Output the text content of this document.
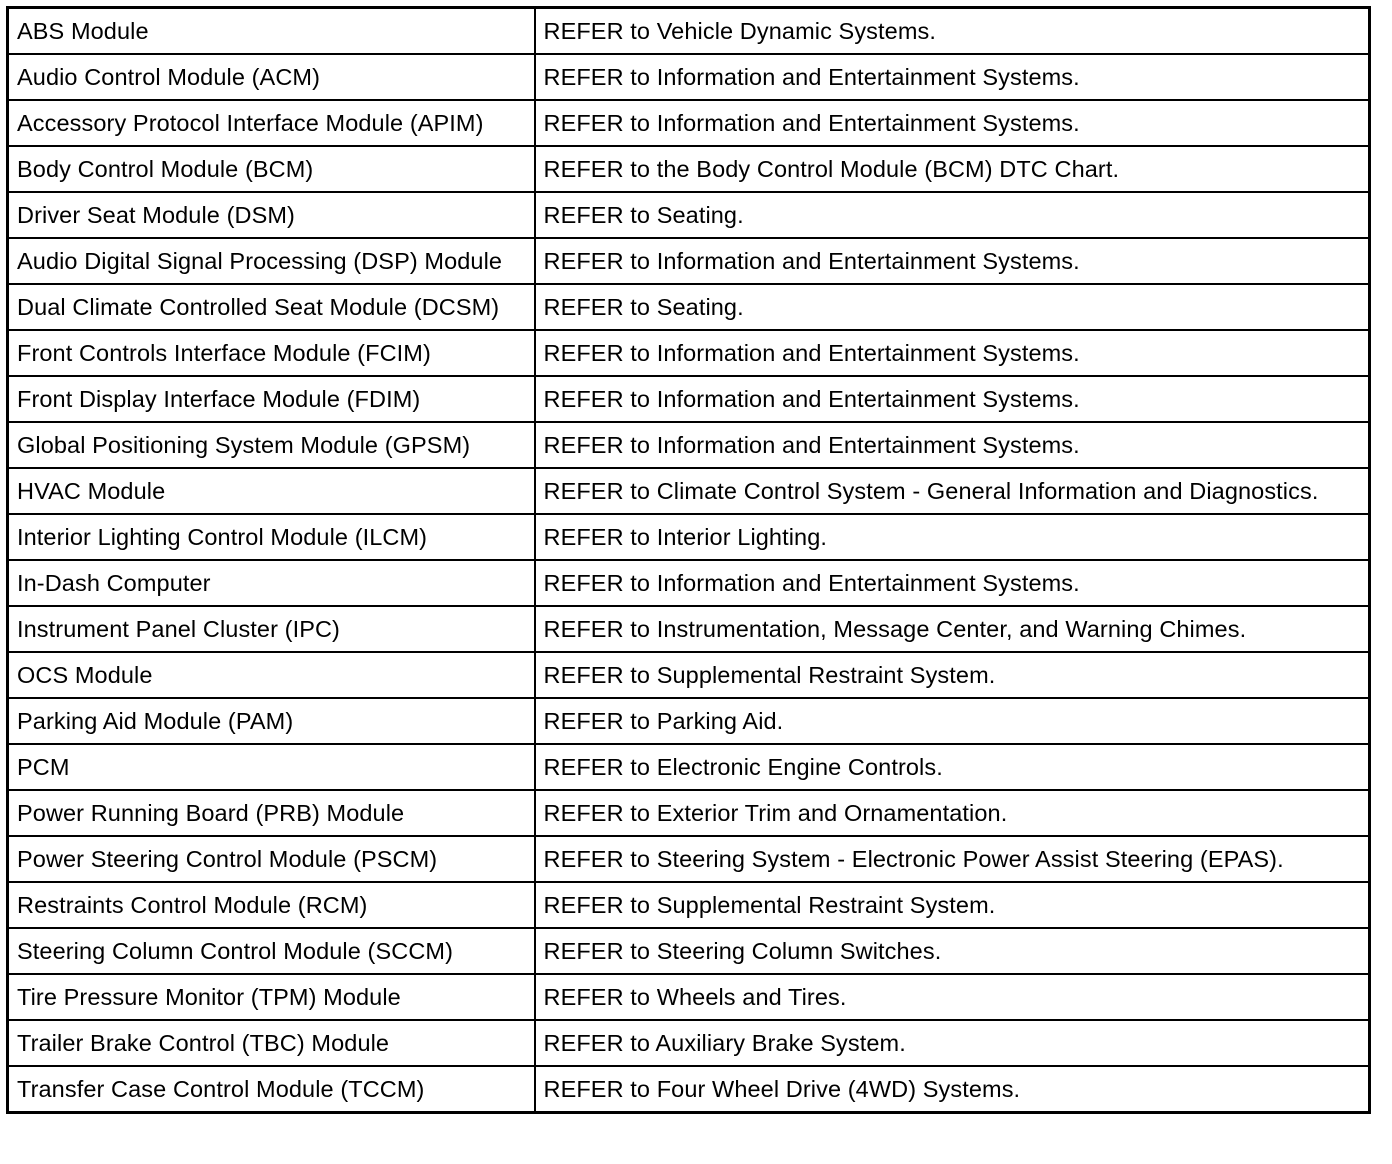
ABS Module	REFER to Vehicle Dynamic Systems.
Audio Control Module (ACM)	REFER to Information and Entertainment Systems.
Accessory Protocol Interface Module (APIM)	REFER to Information and Entertainment Systems.
Body Control Module (BCM)	REFER to the Body Control Module (BCM) DTC Chart.
Driver Seat Module (DSM)	REFER to Seating.
Audio Digital Signal Processing (DSP) Module	REFER to Information and Entertainment Systems.
Dual Climate Controlled Seat Module (DCSM)	REFER to Seating.
Front Controls Interface Module (FCIM)	REFER to Information and Entertainment Systems.
Front Display Interface Module (FDIM)	REFER to Information and Entertainment Systems.
Global Positioning System Module (GPSM)	REFER to Information and Entertainment Systems.
HVAC Module	REFER to Climate Control System - General Information and Diagnostics.
Interior Lighting Control Module (ILCM)	REFER to Interior Lighting.
In-Dash Computer	REFER to Information and Entertainment Systems.
Instrument Panel Cluster (IPC)	REFER to Instrumentation, Message Center, and Warning Chimes.
OCS Module	REFER to Supplemental Restraint System.
Parking Aid Module (PAM)	REFER to Parking Aid.
PCM	REFER to Electronic Engine Controls.
Power Running Board (PRB) Module	REFER to Exterior Trim and Ornamentation.
Power Steering Control Module (PSCM)	REFER to Steering System - Electronic Power Assist Steering (EPAS).
Restraints Control Module (RCM)	REFER to Supplemental Restraint System.
Steering Column Control Module (SCCM)	REFER to Steering Column Switches.
Tire Pressure Monitor (TPM) Module	REFER to Wheels and Tires.
Trailer Brake Control (TBC) Module	REFER to Auxiliary Brake System.
Transfer Case Control Module (TCCM)	REFER to Four Wheel Drive (4WD) Systems.
